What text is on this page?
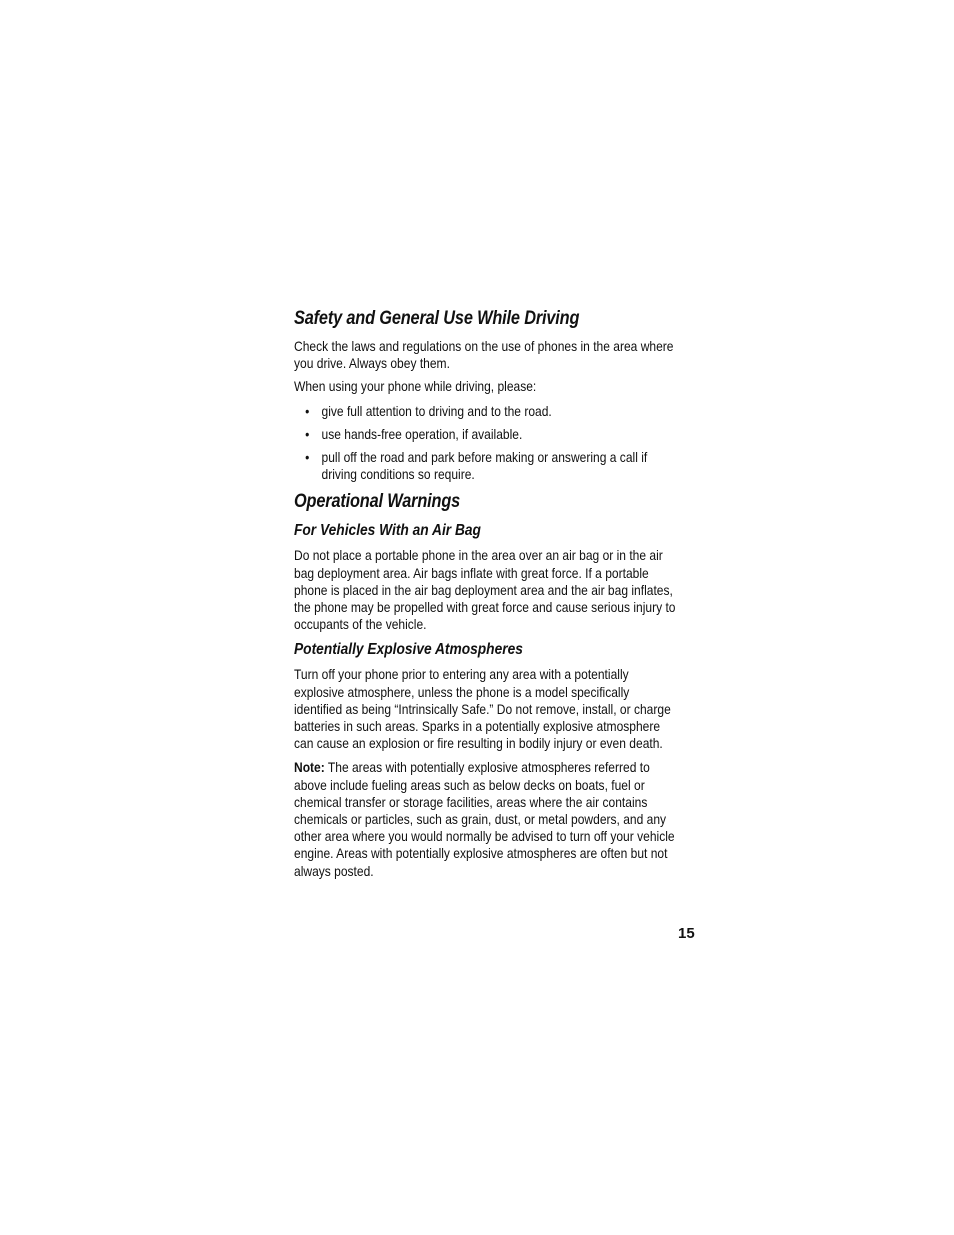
Safety and General Use While Driving

Check the laws and regulations on the use of phones in the area where you drive. Always obey them.

When using your phone while driving, please:

• give full attention to driving and to the road.
• use hands-free operation, if available.
• pull off the road and park before making or answering a call if driving conditions so require.
Operational Warnings
For Vehicles With an Air Bag

Do not place a portable phone in the area over an air bag or in the air bag deployment area. Air bags inflate with great force. If a portable phone is placed in the air bag deployment area and the air bag inflates, the phone may be propelled with great force and cause serious injury to occupants of the vehicle.

Potentially Explosive Atmospheres

Turn off your phone prior to entering any area with a potentially explosive atmosphere, unless the phone is a model specifically identified as being “Intrinsically Safe.” Do not remove, install, or charge batteries in such areas. Sparks in a potentially explosive atmosphere can cause an explosion or fire resulting in bodily injury or even death.

Note: The areas with potentially explosive atmospheres referred to above include fueling areas such as below decks on boats, fuel or chemical transfer or storage facilities, areas where the air contains chemicals or particles, such as grain, dust, or metal powders, and any other area where you would normally be advised to turn off your vehicle engine. Areas with potentially explosive atmospheres are often but not always posted.

15
